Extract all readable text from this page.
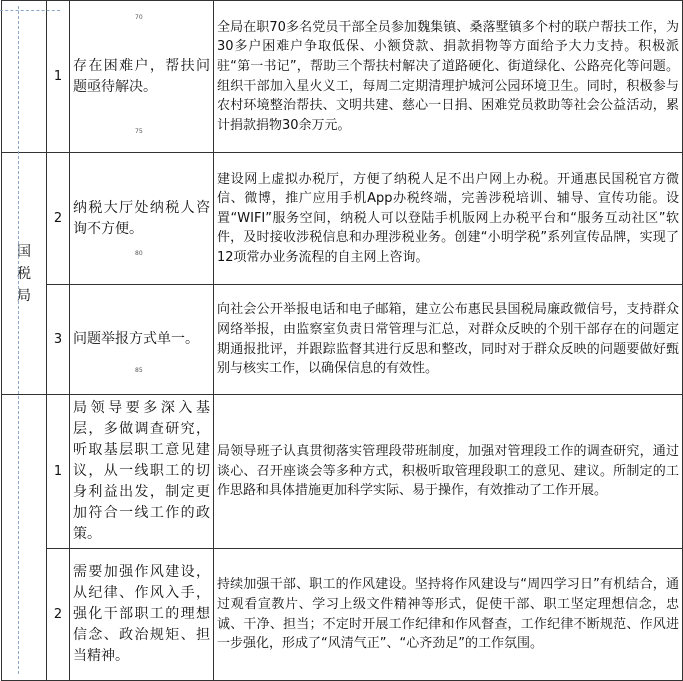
	1	存在困难户，帮扶问题亟待解决。	全局在职70多名党员干部全员参加魏集镇、桑落墅镇多个村的联户帮扶工作，为30多户困难户争取低保、小额贷款、捐款捐物等方面给予大力支持。积极派驻“第一书记”，帮助三个帮扶村解决了道路硬化、街道绿化、公路亮化等问题。组织干部加入星火义工，每周二定期清理护城河公园环境卫生。同时，积极参与农村环境整治帮扶、文明共建、慈心一日捐、困难党员救助等社会公益活动，累计捐款捐物30余万元。
国税局	2	纳税大厅处纳税人咨询不方便。	建设网上虚拟办税厅，方便了纳税人足不出户网上办税。开通惠民国税官方微信、微博，推广应用手机App办税终端，完善涉税培训、辅导、宣传功能。设置“WIFI”服务空间，纳税人可以登陆手机版网上办税平台和“服务互动社区”软件，及时接收涉税信息和办理涉税业务。创建“小明学税”系列宣传品牌，实现了12项常办业务流程的自主网上咨询。
	3	问题举报方式单一。	向社会公开举报电话和电子邮箱，建立公布惠民县国税局廉政微信号，支持群众网络举报，由监察室负责日常管理与汇总，对群众反映的个别干部存在的问题定期通报批评，并跟踪监督其进行反思和整改，同时对于群众反映的问题要做好甄别与核实工作，以确保信息的有效性。
	1	局领导要多深入基层，多做调查研究，听取基层职工意见建议，从一线职工的切身利益出发，制定更加符合一线工作的政策。	局领导班子认真贯彻落实管理段带班制度，加强对管理段工作的调查研究，通过谈心、召开座谈会等多种方式，积极听取管理段职工的意见、建议。所制定的工作思路和具体措施更加科学实际、易于操作，有效推动了工作开展。
	2	需要加强作风建设，从纪律、作风入手，强化干部职工的理想信念、政治规矩、担当精神。	持续加强干部、职工的作风建设。坚持将作风建设与“周四学习日”有机结合，通过观看宣教片、学习上级文件精神等形式，促使干部、职工坚定理想信念，忠诚、干净、担当；不定时开展工作纪律和作风督查，工作纪律不断规范、作风进一步强化，形成了“风清气正”、“心齐劲足”的工作氛围。
70
75
80
85
